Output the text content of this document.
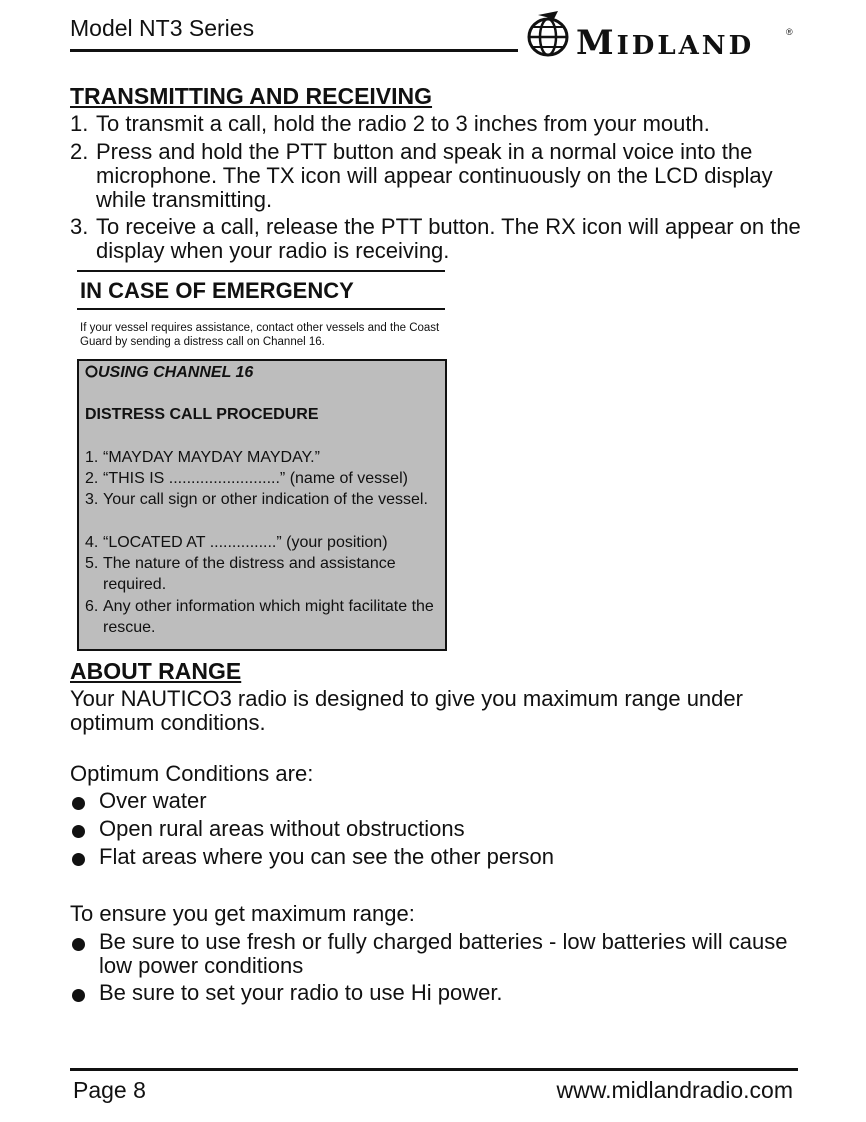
Model NT3 Series	MIDLAND	®
TRANSMITTING AND RECEIVING
1. To transmit a call, hold the radio 2 to 3 inches from your mouth.
2. Press and hold the PTT button and speak in a normal voice into the microphone. The TX icon will appear continuously on the LCD display while transmitting.
3. To receive a call, release the PTT button. The RX icon will appear on the display when your radio is receiving.
IN CASE OF EMERGENCY
If your vessel requires assistance, contact other vessels and the Coast Guard by sending a distress call on Channel 16.
USING CHANNEL 16
DISTRESS CALL PROCEDURE
1. “MAYDAY MAYDAY MAYDAY.”
2. “THIS IS .........................” (name of vessel)
3. Your call sign or other indication of the vessel.
4. “LOCATED AT ...............” (your position)
5. The nature of the distress and assistance required.
6. Any other information which might facilitate the rescue.
ABOUT RANGE
Your NAUTICO3 radio is designed to give you maximum range under optimum conditions.
Optimum Conditions are:
Over water
Open rural areas without obstructions
Flat areas where you can see the other person
To ensure you get maximum range:
Be sure to use fresh or fully charged batteries - low batteries will cause low power conditions
Be sure to set your radio to use Hi power.
Page 8	www.midlandradio.com
